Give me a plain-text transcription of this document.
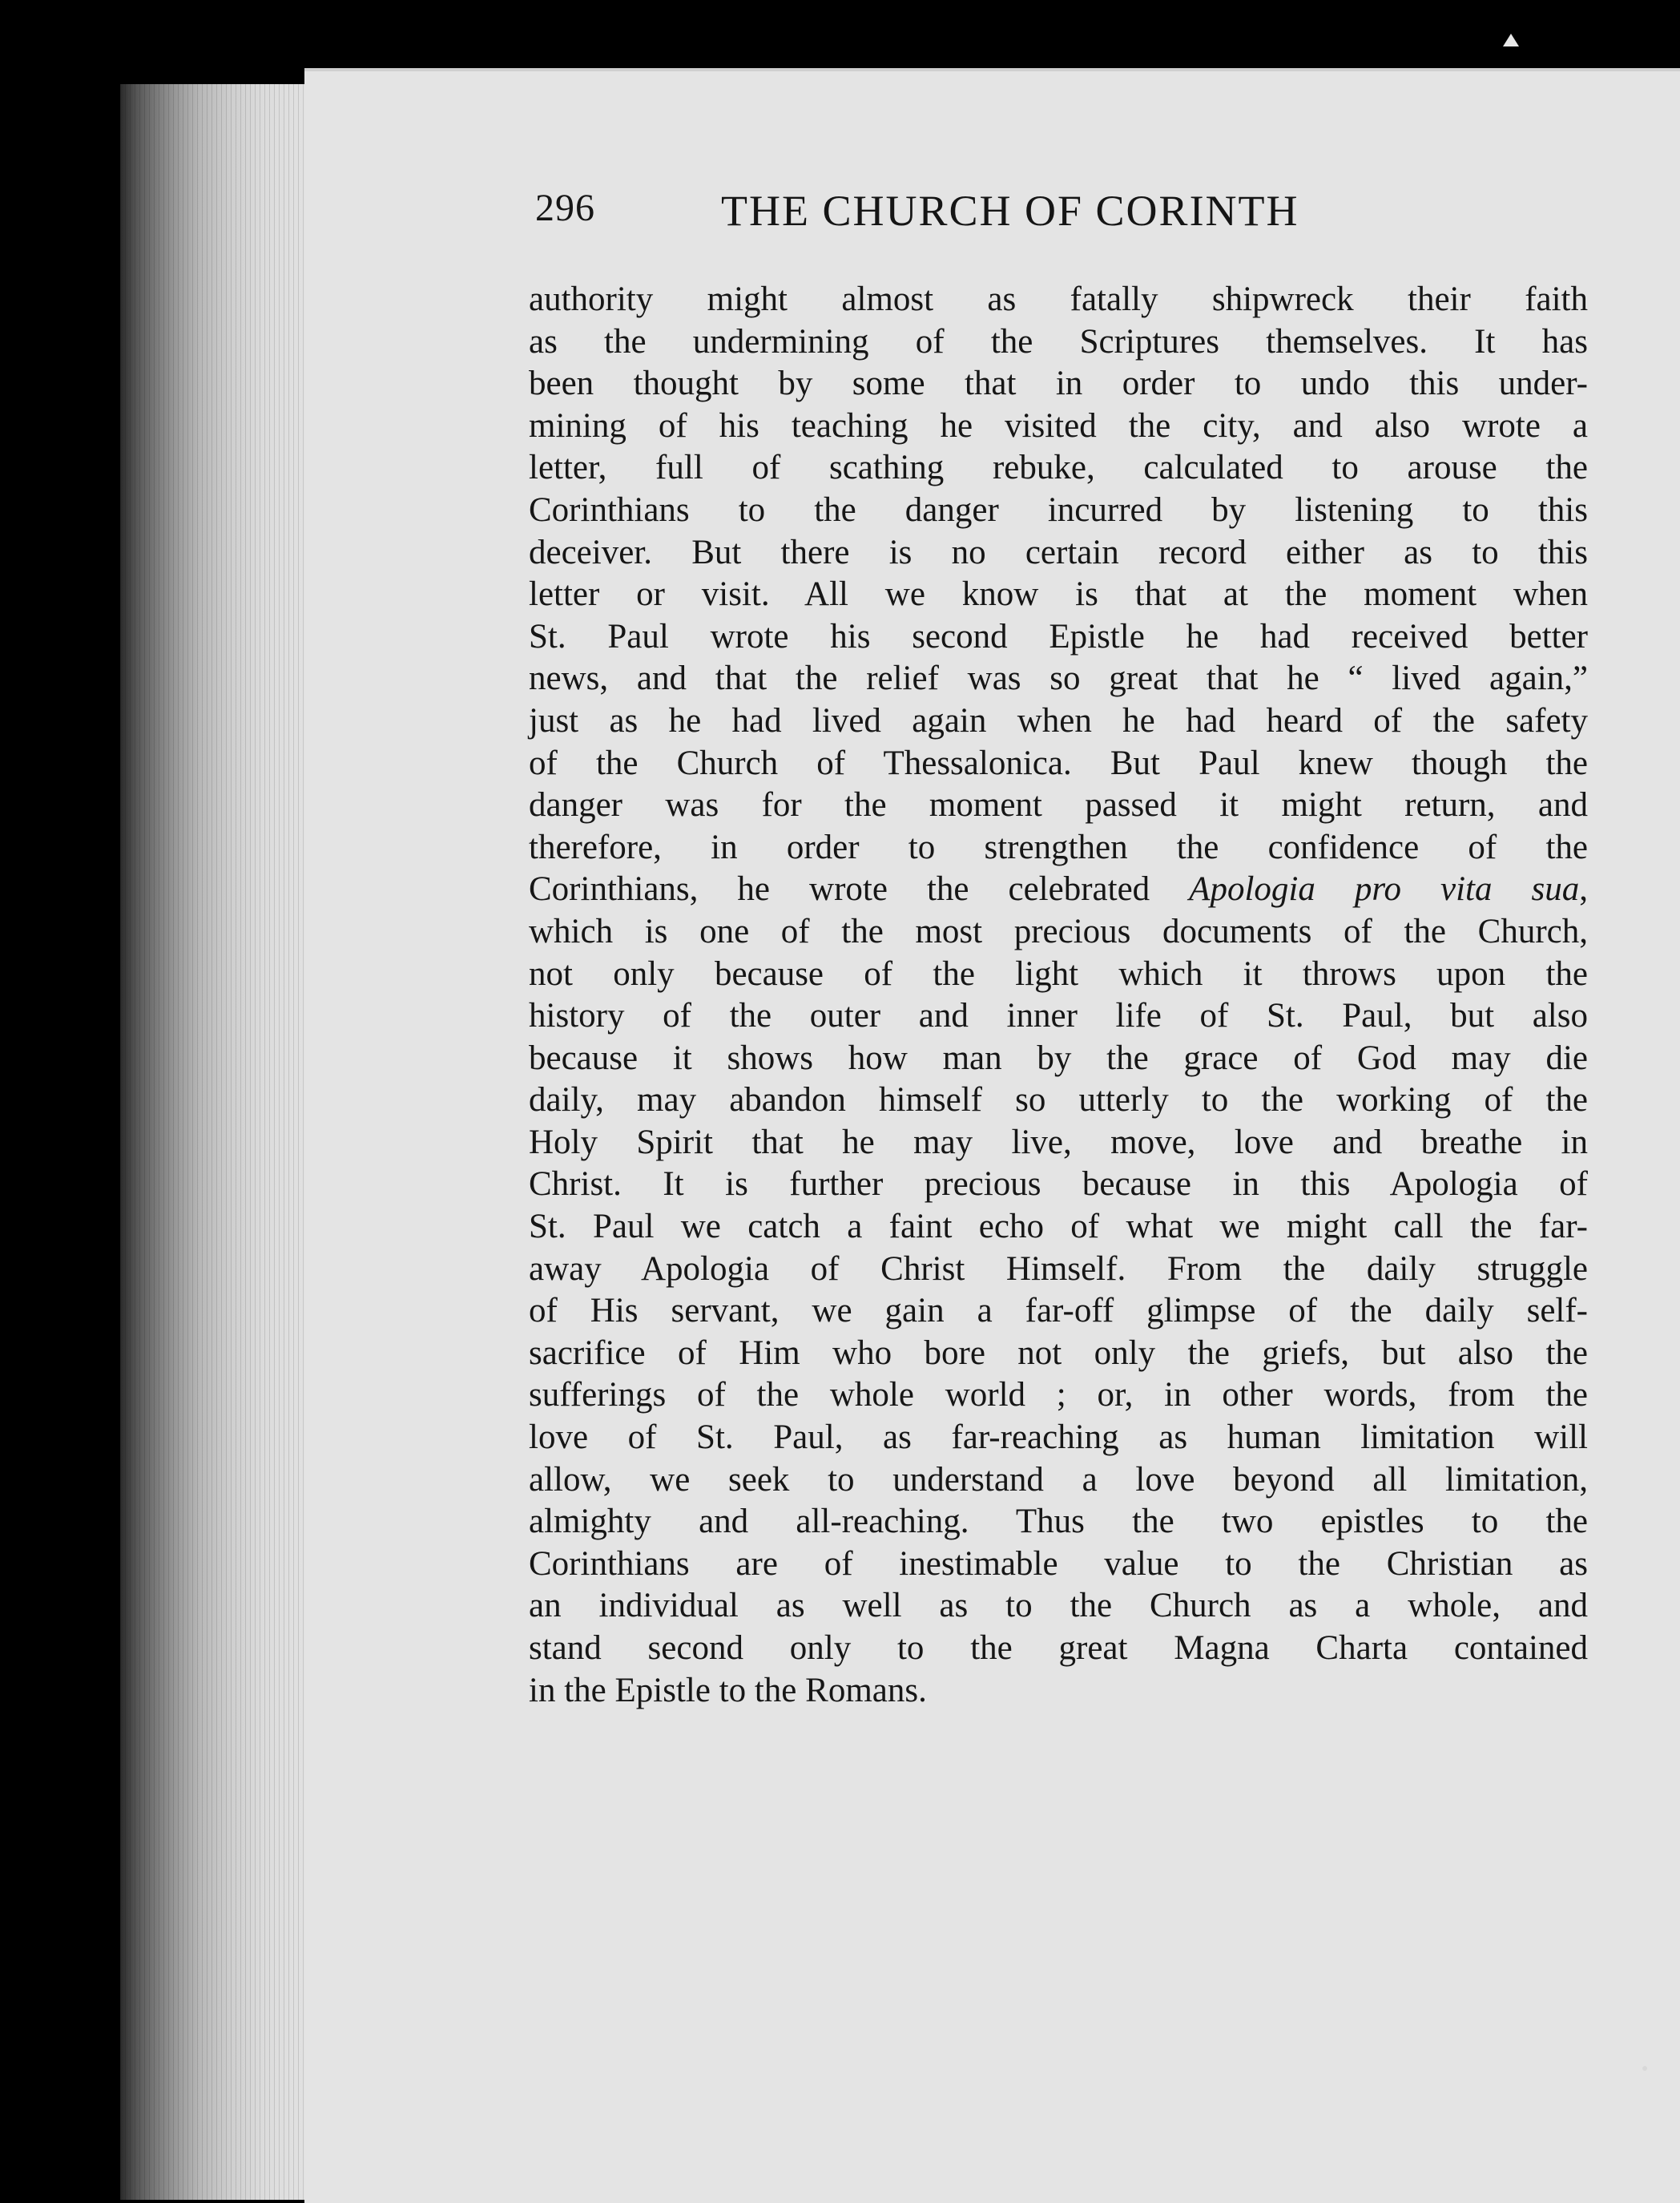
296	THE CHURCH OF CORINTH
authority might almost as fatally shipwreck their faith
as the undermining of the Scriptures themselves. It has
been thought by some that in order to undo this under-
mining of his teaching he visited the city, and also wrote a
letter, full of scathing rebuke, calculated to arouse the
Corinthians to the danger incurred by listening to this
deceiver. But there is no certain record either as to this
letter or visit. All we know is that at the moment when
St. Paul wrote his second Epistle he had received better
news, and that the relief was so great that he “ lived again,”
just as he had lived again when he had heard of the safety
of the Church of Thessalonica. But Paul knew though the
danger was for the moment passed it might return, and
therefore, in order to strengthen the confidence of the
Corinthians, he wrote the celebrated Apologia pro vita sua,
which is one of the most precious documents of the Church,
not only because of the light which it throws upon the
history of the outer and inner life of St. Paul, but also
because it shows how man by the grace of God may die
daily, may abandon himself so utterly to the working of the
Holy Spirit that he may live, move, love and breathe in
Christ. It is further precious because in this Apologia of
St. Paul we catch a faint echo of what we might call the far-
away Apologia of Christ Himself. From the daily struggle
of His servant, we gain a far-off glimpse of the daily self-
sacrifice of Him who bore not only the griefs, but also the
sufferings of the whole world ; or, in other words, from the
love of St. Paul, as far-reaching as human limitation will
allow, we seek to understand a love beyond all limitation,
almighty and all-reaching. Thus the two epistles to the
Corinthians are of inestimable value to the Christian as
an individual as well as to the Church as a whole, and
stand second only to the great Magna Charta contained
in the Epistle to the Romans.
